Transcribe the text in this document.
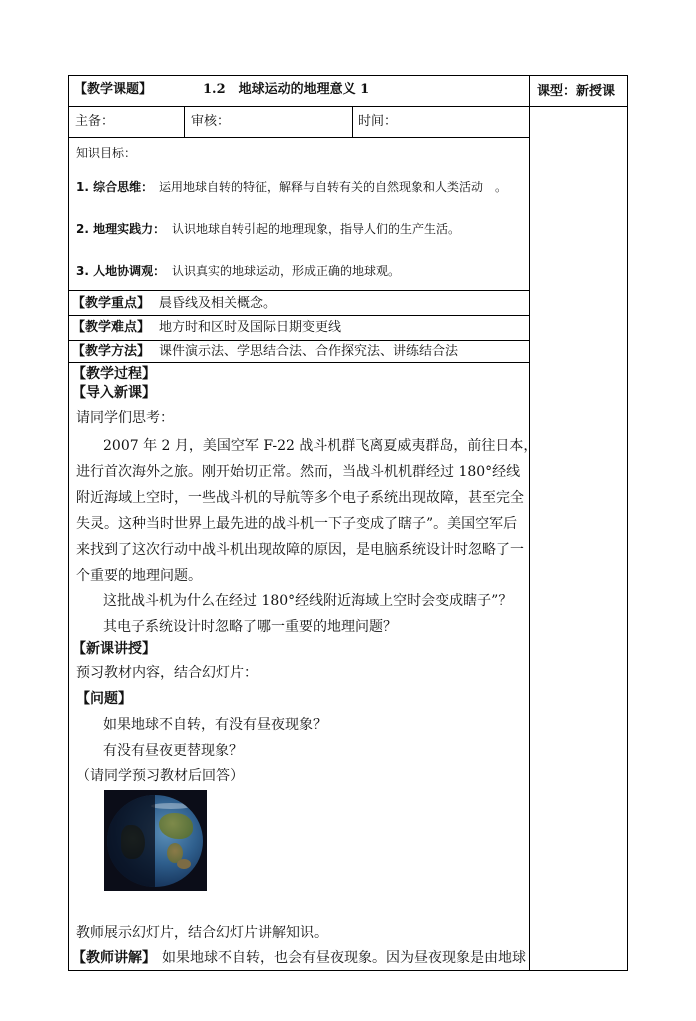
【教学课题】	1.2　地球运动的地理意义 1	课型：新授课
主备：	审核：	时间：
知识目标：
1. 综合思维： 运用地球自转的特征，解释与自转有关的自然现象和人类活动　。
2. 地理实践力： 认识地球自转引起的地理现象，指导人们的生产生活。
3. 人地协调观： 认识真实的地球运动，形成正确的地球观。
【教学重点】 晨昏线及相关概念。
【教学难点】 地方时和区时及国际日期变更线
【教学方法】 课件演示法、学思结合法、合作探究法、讲练结合法
【教学过程】
【导入新课】
请同学们思考：
2007 年 2 月，美国空军 F-22 战斗机群飞离夏威夷群岛，前往日本，
进行首次海外之旅。刚开始切正常。然而，当战斗机机群经过 180°经线
附近海域上空时，一些战斗机的导航等多个电子系统出现故障，甚至完全
失灵。这种当时世界上最先进的战斗机一下子变成了瞎子”。美国空军后
来找到了这次行动中战斗机出现故障的原因，是电脑系统设计时忽略了一
个重要的地理问题。
这批战斗机为什么在经过 180°经线附近海域上空时会变成瞎子”？
其电子系统设计时忽略了哪一重要的地理问题？
【新课讲授】
预习教材内容，结合幻灯片：
【问题】
如果地球不自转，有没有昼夜现象？
有没有昼夜更替现象？
（请同学预习教材后回答）
教师展示幻灯片，结合幻灯片讲解知识。
【教师讲解】 如果地球不自转，也会有昼夜现象。因为昼夜现象是由地球
